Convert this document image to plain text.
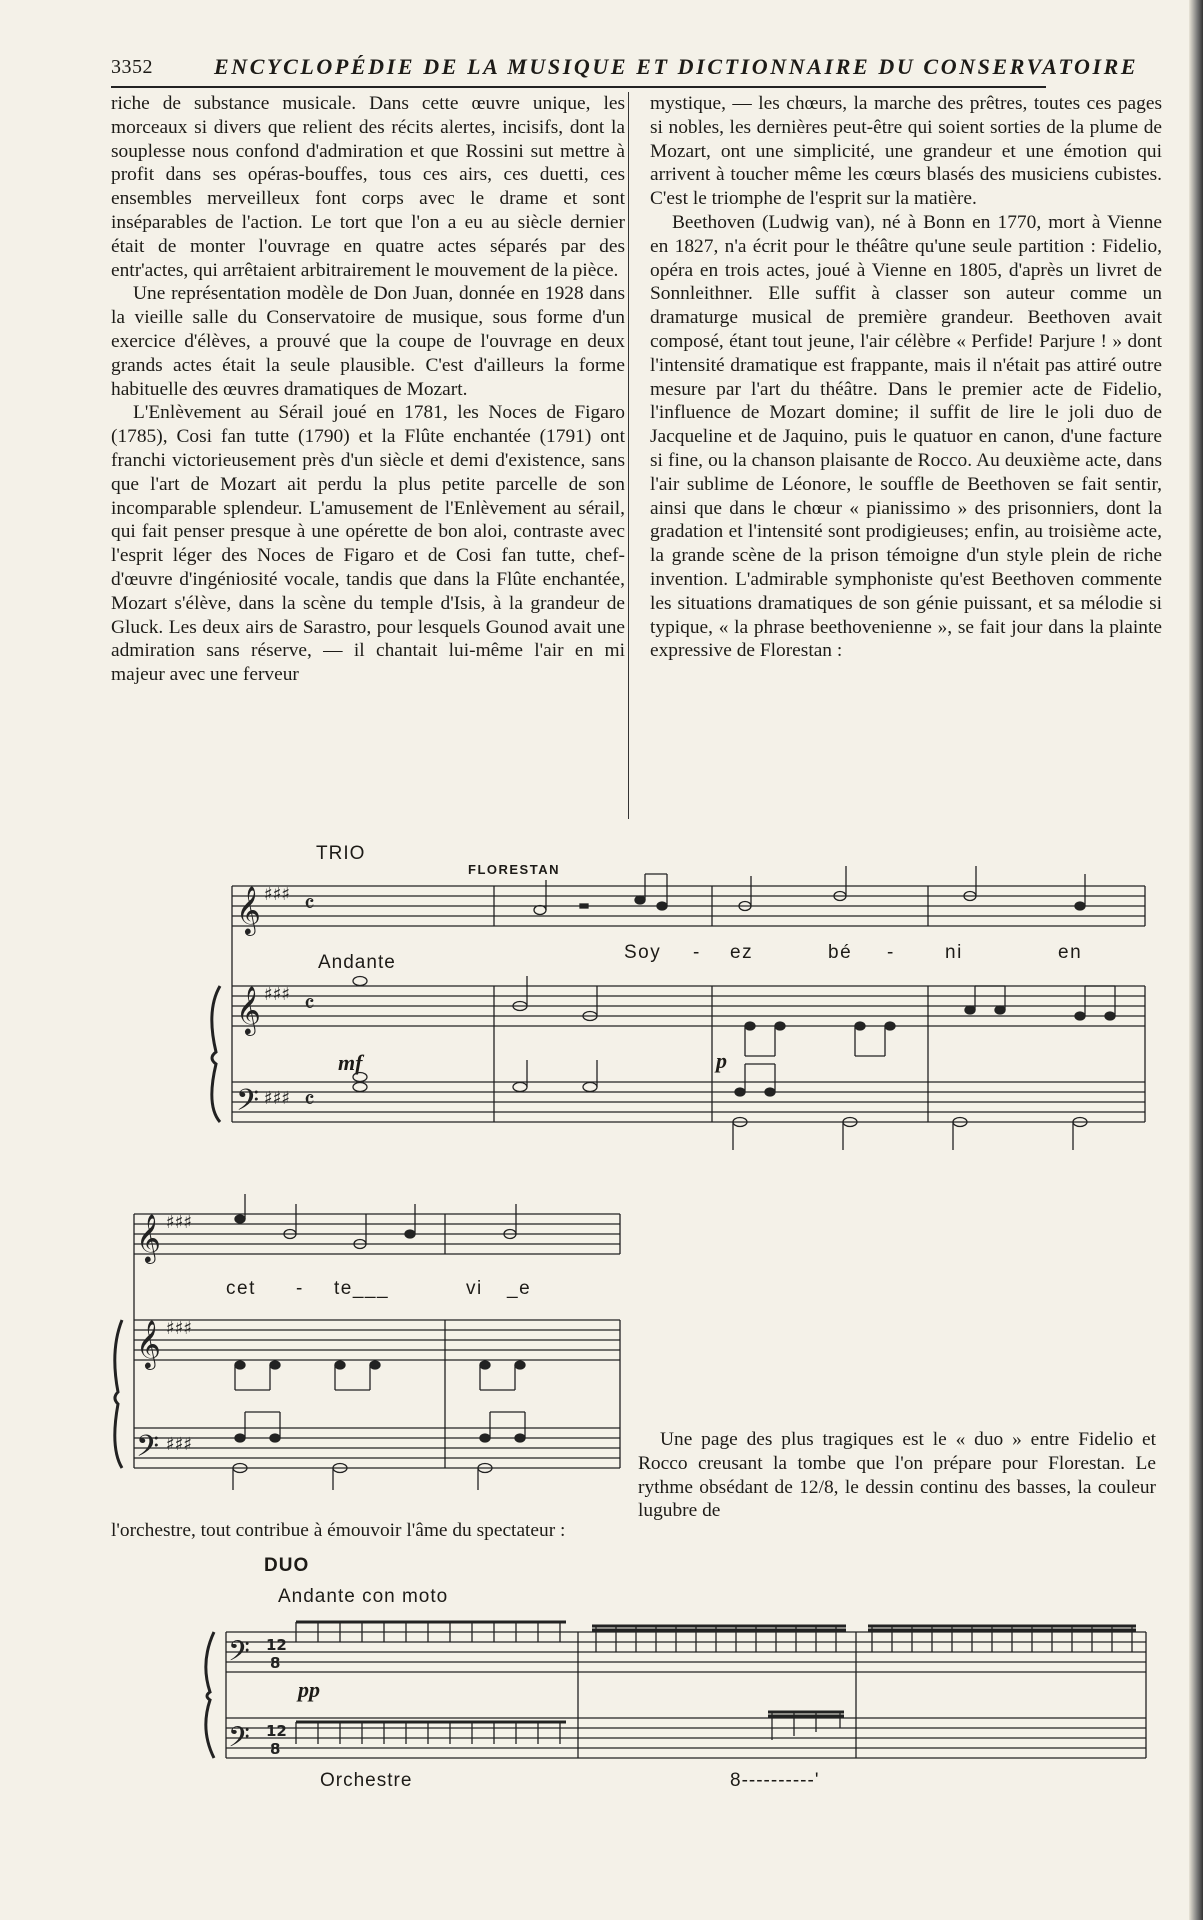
3352	ENCYCLOPÉDIE DE LA MUSIQUE ET DICTIONNAIRE DU CONSERVATOIRE

riche de substance musicale. Dans cette œuvre unique, les morceaux si divers que relient des récits alertes, incisifs, dont la souplesse nous confond d'admiration et que Rossini sut mettre à profit dans ses opéras-bouffes, tous ces airs, ces duetti, ces ensembles merveilleux font corps avec le drame et sont inséparables de l'action. Le tort que l'on a eu au siècle dernier était de monter l'ouvrage en quatre actes séparés par des entr'actes, qui arrêtaient arbitrairement le mouvement de la pièce.

Une représentation modèle de Don Juan, donnée en 1928 dans la vieille salle du Conservatoire de musique, sous forme d'un exercice d'élèves, a prouvé que la coupe de l'ouvrage en deux grands actes était la seule plausible. C'est d'ailleurs la forme habituelle des œuvres dramatiques de Mozart.

L'Enlèvement au Sérail joué en 1781, les Noces de Figaro (1785), Cosi fan tutte (1790) et la Flûte enchantée (1791) ont franchi victorieusement près d'un siècle et demi d'existence, sans que l'art de Mozart ait perdu la plus petite parcelle de son incomparable splendeur. L'amusement de l'Enlèvement au sérail, qui fait penser presque à une opérette de bon aloi, contraste avec l'esprit léger des Noces de Figaro et de Cosi fan tutte, chef-d'œuvre d'ingéniosité vocale, tandis que dans la Flûte enchantée, Mozart s'élève, dans la scène du temple d'Isis, à la grandeur de Gluck. Les deux airs de Sarastro, pour lesquels Gounod avait une admiration sans réserve, — il chantait lui-même l'air en mi majeur avec une ferveur

mystique, — les chœurs, la marche des prêtres, toutes ces pages si nobles, les dernières peut-être qui soient sorties de la plume de Mozart, ont une simplicité, une grandeur et une émotion qui arrivent à toucher même les cœurs blasés des musiciens cubistes. C'est le triomphe de l'esprit sur la matière.

Beethoven (Ludwig van), né à Bonn en 1770, mort à Vienne en 1827, n'a écrit pour le théâtre qu'une seule partition : Fidelio, opéra en trois actes, joué à Vienne en 1805, d'après un livret de Sonnleithner. Elle suffit à classer son auteur comme un dramaturge musical de première grandeur. Beethoven avait composé, étant tout jeune, l'air célèbre « Perfide! Parjure ! » dont l'intensité dramatique est frappante, mais il n'était pas attiré outre mesure par l'art du théâtre. Dans le premier acte de Fidelio, l'influence de Mozart domine; il suffit de lire le joli duo de Jacqueline et de Jaquino, puis le quatuor en canon, d'une facture si fine, ou la chanson plaisante de Rocco. Au deuxième acte, dans l'air sublime de Léonore, le souffle de Beethoven se fait sentir, ainsi que dans le chœur « pianissimo » des prisonniers, dont la gradation et l'intensité sont prodigieuses; enfin, au troisième acte, la grande scène de la prison témoigne d'un style plein de riche invention. L'admirable symphoniste qu'est Beethoven commente les situations dramatiques de son génie puissant, et sa mélodie si typique, « la phrase beethovenienne », se fait jour dans la plainte expressive de Florestan :

TRIO
FLORESTAN
Andante
mf	p
Soy - ez	bé -	ni	en
𝄞
𝄞
𝄢
♯♯♯
♯♯♯
♯♯♯
𝄴
𝄴
𝄴
cet - te___	vi _e
𝄞
𝄞
𝄢
♯♯♯
♯♯♯
♯♯♯	Une page des plus tragiques est le « duo » entre Fidelio et Rocco creusant la tombe que l'on prépare pour Florestan. Le rythme obsédant de 12/8, le dessin continu des basses, la couleur lugubre de
l'orchestre, tout contribue à émouvoir l'âme du spectateur :
DUO
Andante con moto
pp
Orchestre	8----------'
𝄢
𝄢
12
8
12
8
